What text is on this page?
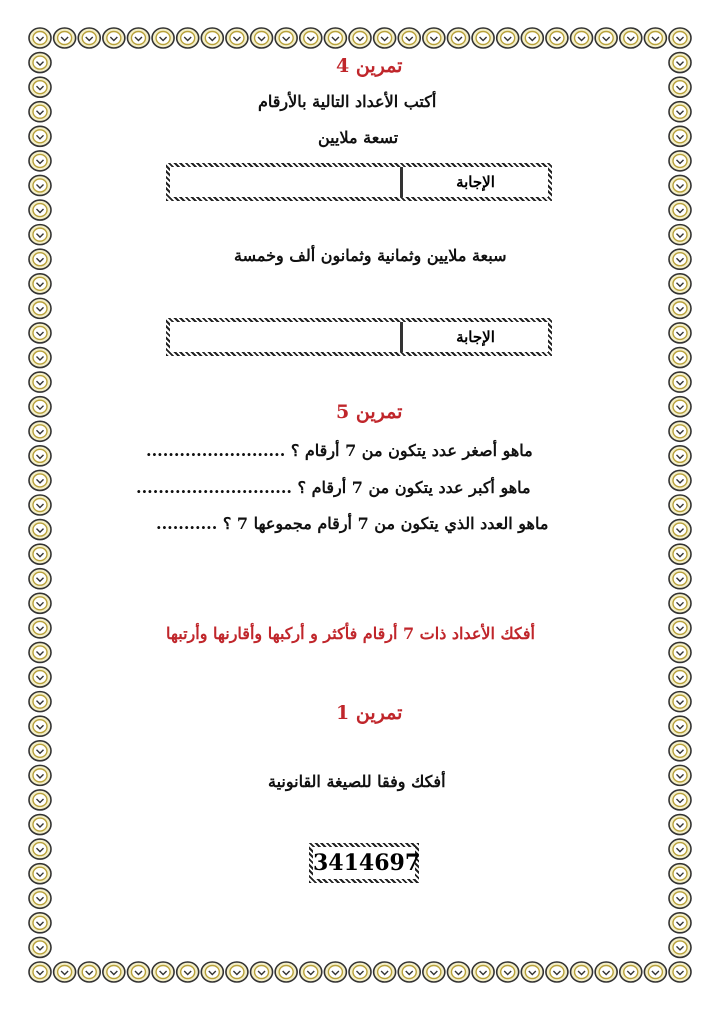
تمرين 4
أكتب الأعداد التالية بالأرقام
تسعة ملايين
الإجابة
سبعة ملايين وثمانية وثمانون ألف وخمسة
الإجابة
تمرين 5
ماهو أصغر عدد يتكون من 7 أرقام ؟ .........................
ماهو أكبر عدد يتكون من 7 أرقام ؟ ............................
ماهو العدد الذي يتكون من 7 أرقام مجموعها 7 ؟ ...........
أفكك الأعداد ذات 7 أرقام فأكثر و أركبها وأقارنها وأرتبها
تمرين 1
أفكك وفقا للصيغة القانونية
3414697
